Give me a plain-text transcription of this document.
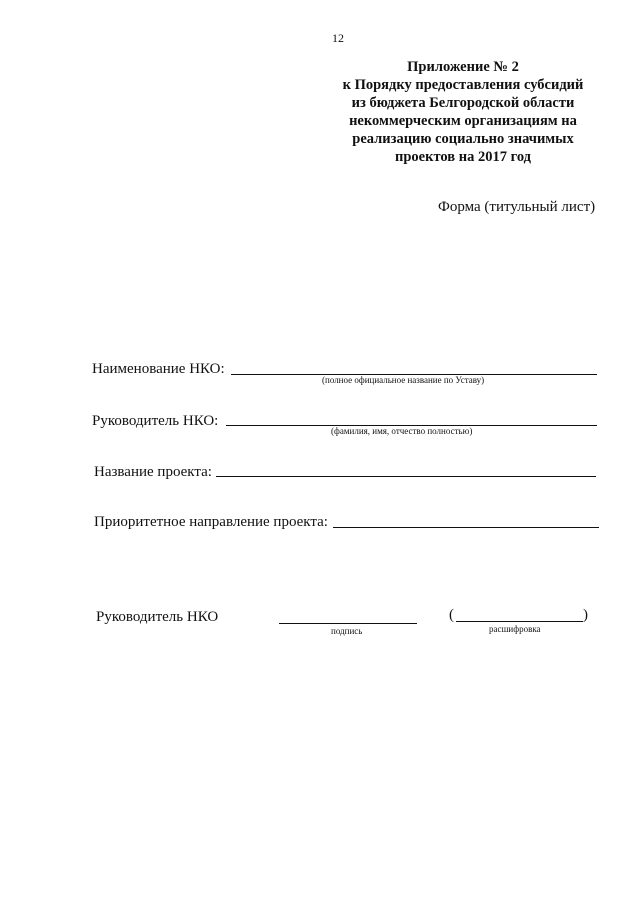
12
Приложение № 2
к Порядку предоставления субсидий
из бюджета Белгородской области
некоммерческим организациям на
реализацию социально значимых
проектов на 2017 год
Форма (титульный лист)
Наименование НКО:
(полное официальное название по Уставу)
Руководитель НКО:
(фамилия, имя, отчество полностью)
Название проекта:
Приоритетное направление проекта:
Руководитель НКО
подпись
(	)
расшифровка
